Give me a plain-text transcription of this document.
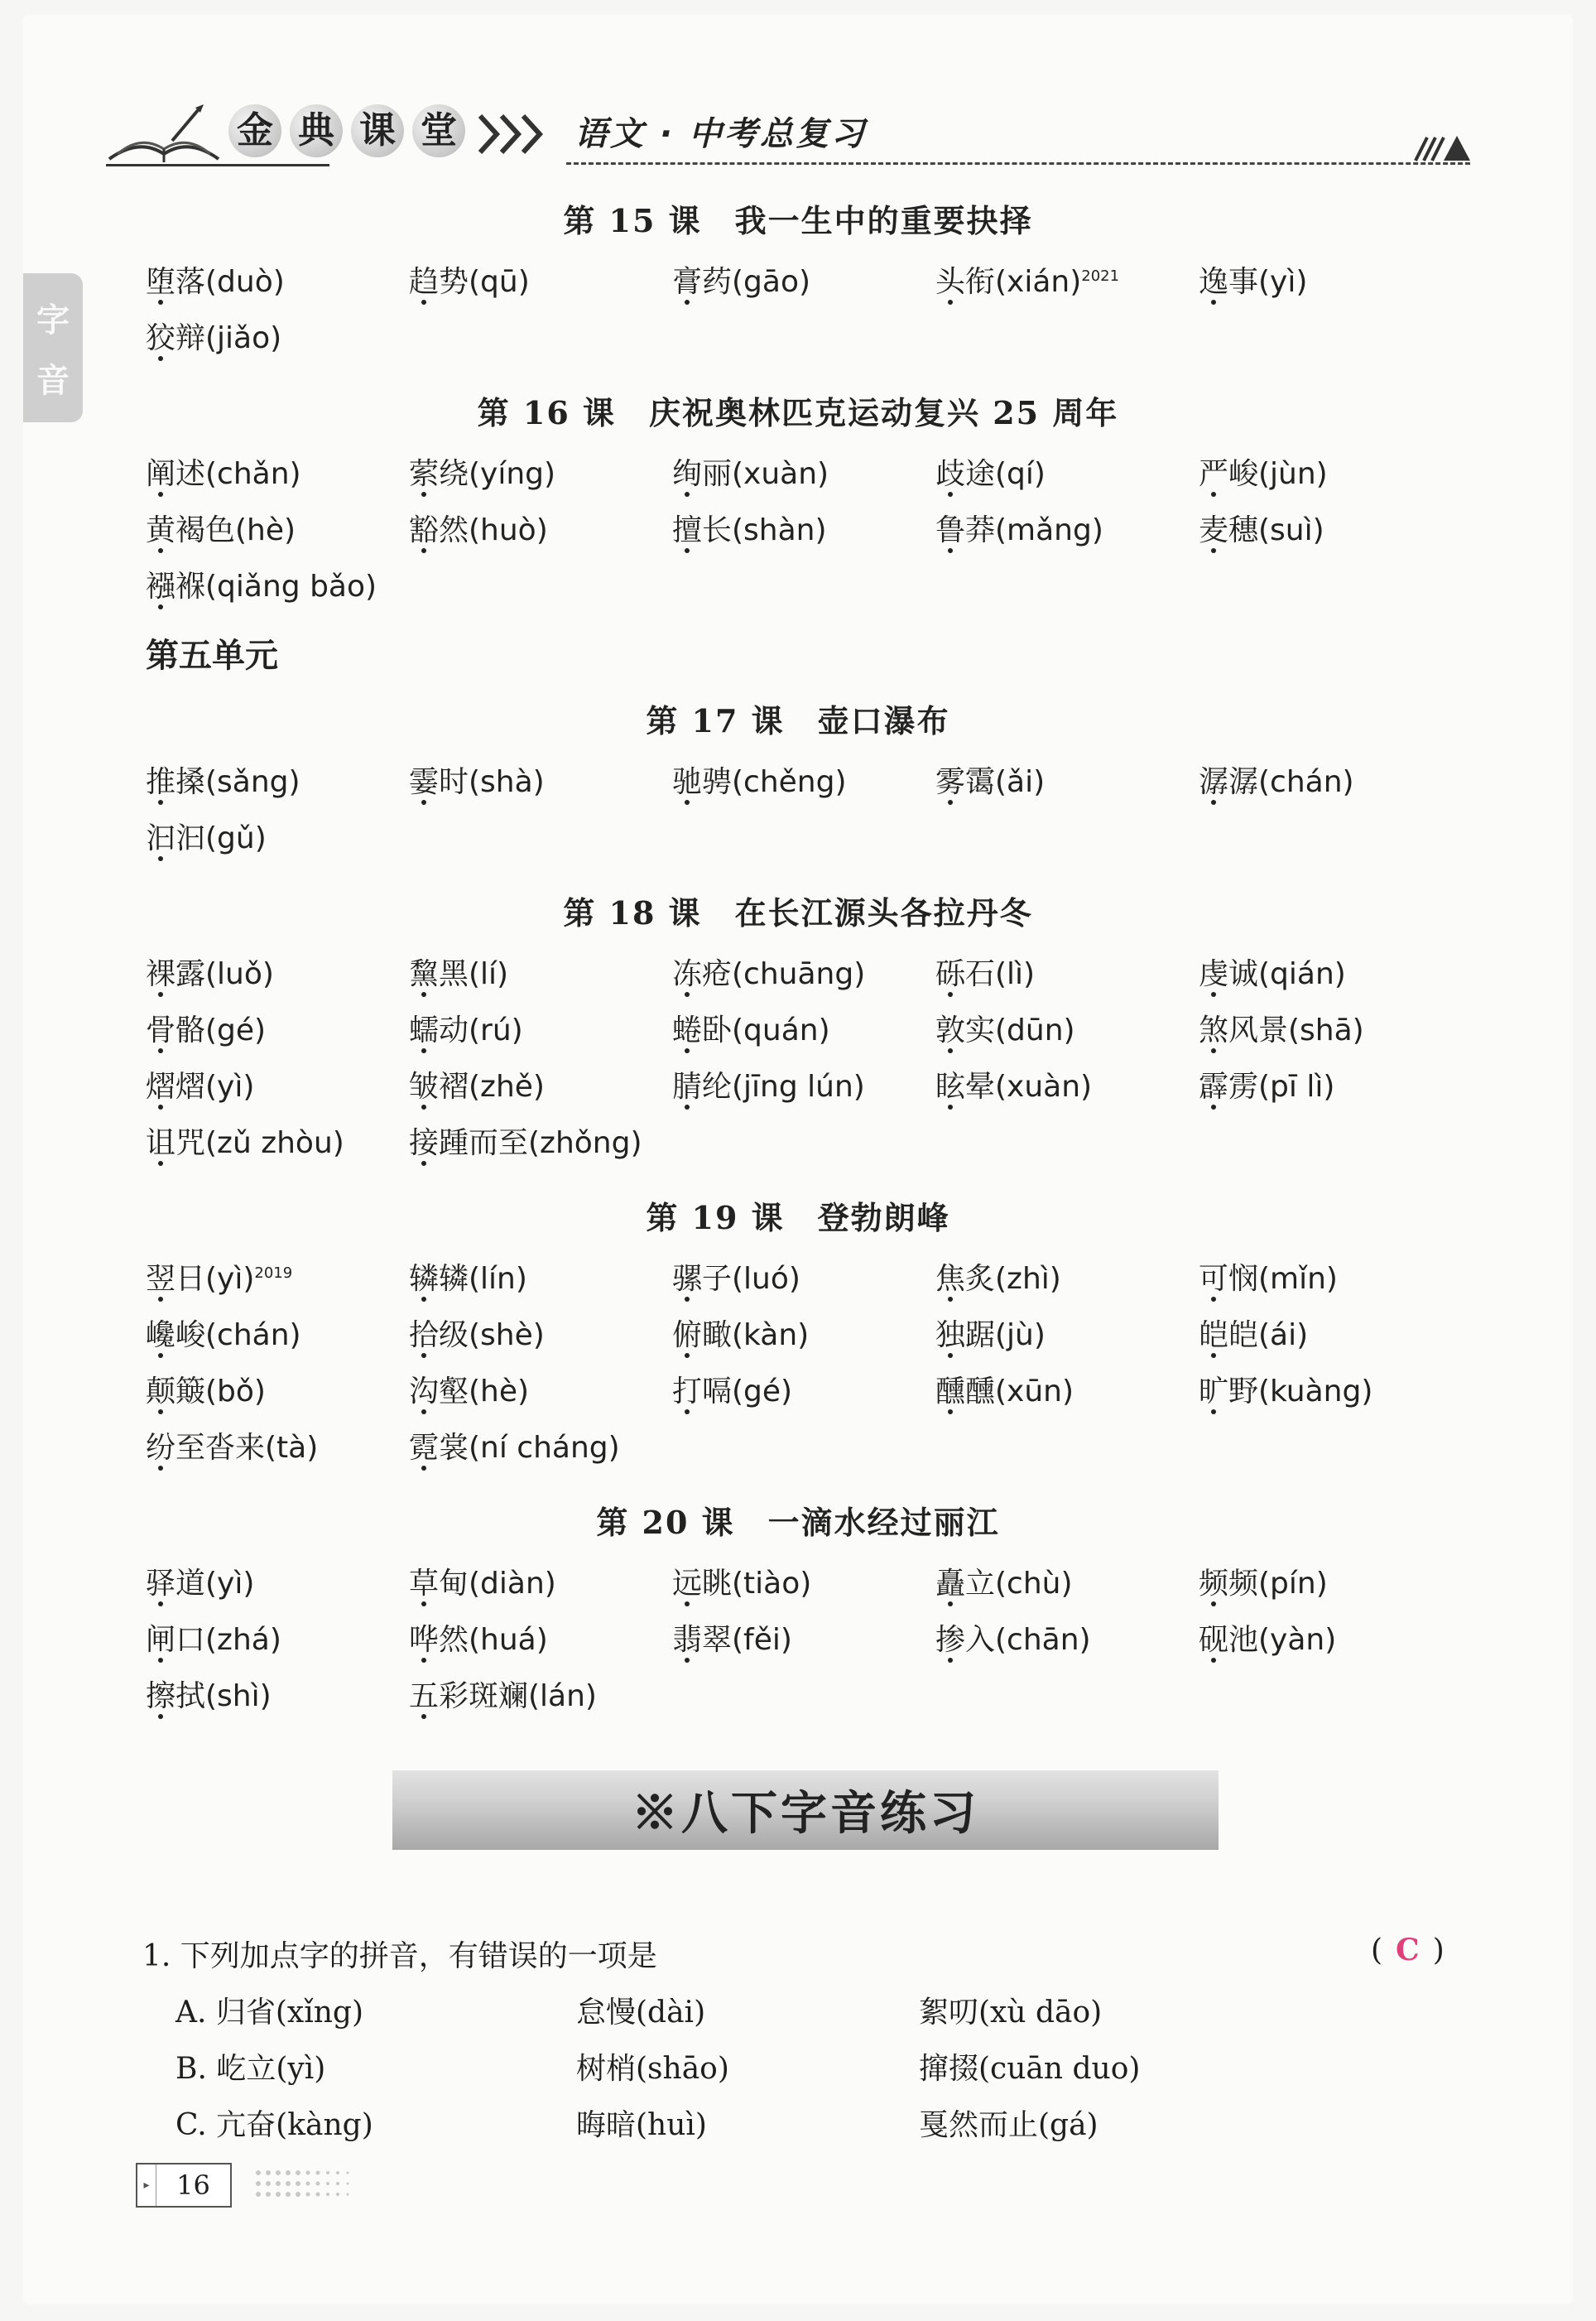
金 典 课 堂	语文 · 中考总复习
字
音
第 15 课　我一生中的重要抉择
堕落(duò)	趋势(qū)	膏药(gāo)	头衔(xián)$^{2021}$	逸事(yì)
狡辩(jiǎo)
第 16 课　庆祝奥林匹克运动复兴 25 周年
阐述(chǎn)	萦绕(yíng)	绚丽(xuàn)	歧途(qí)	严峻(jùn)
黄褐色(hè)	豁然(huò)	擅长(shàn)	鲁莽(mǎng)	麦穗(suì)
襁褓(qiǎng bǎo)
第五单元
第 17 课　壶口瀑布
推搡(sǎng)	霎时(shà)	驰骋(chěng)	雾霭(ǎi)	潺潺(chán)
汩汩(gǔ)
第 18 课　在长江源头各拉丹冬
裸露(luǒ)	黧黑(lí)	冻疮(chuāng) 砾石(lì)	虔诚(qián)
骨骼(gé)	蠕动(rú)	蜷卧(quán)	敦实(dūn)	煞风景(shā)
熠熠(yì)	皱褶(zhě)	腈纶(jīng lún) 眩晕(xuàn)	霹雳(pī lì)
诅咒(zǔ zhòu) 接踵而至(zhǒng)
第 19 课　登勃朗峰
翌日(yì)$^{2019}$	辚辚(lín)	骡子(luó)	焦炙(zhì)	可悯(mǐn)
巉峻(chán)	拾级(shè)	俯瞰(kàn)	独踞(jù)	皑皑(ái)
颠簸(bǒ)	沟壑(hè)	打嗝(gé)	醺醺(xūn)	旷野(kuàng)
纷至沓来(tà)	霓裳(ní cháng)
第 20 课　一滴水经过丽江
驿道(yì)	草甸(diàn)	远眺(tiào)	矗立(chù)	频频(pín)
闸口(zhá)	哗然(huá)	翡翠(fěi)	掺入(chān)	砚池(yàn)
擦拭(shì)	五彩斑斓(lán)
※八下字音练习
1. 下列加点字的拼音，有错误的一项是	( C )
A. 归省(xǐng)	怠慢(dài)	絮叨(xù dāo)
B. 屹立(yì)	树梢(shāo)	撺掇(cuān duo)
C. 亢奋(kàng)	晦暗(huì)	戛然而止(gá)
▸	16
